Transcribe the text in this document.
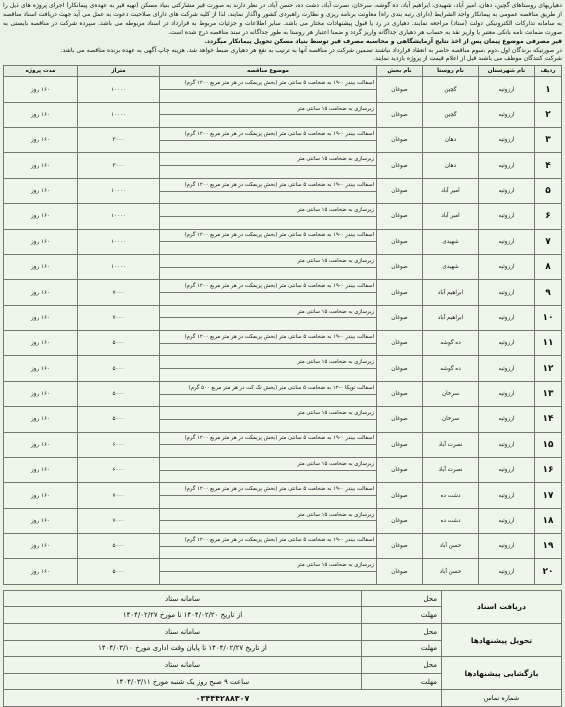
دهیاریهای روستاهای گچین، دهان، امیر آباد، شهیدی، ابراهیم آباد، ده گوشه، سرخان، نصرت آباد، دشت ده، حسن آباد، در نظر دارند به صورت قیر مشارکتی بنیاد مسکن (تهیه قیر به عهده‌ی پیمانکار) اجرای پروژه های ذیل را از طریق مناقصه عمومی به پیمانکار واجد الشرایط (دارای رتبه بندی راه) معاونت برنامه ریزی و نظارت راهبردی کشور واگذار نمایند. لذا از کلیه شرکت های دارای صلاحیت دعوت به عمل می آید جهت دریافت اسناد مناقصه به سامانه تدارکات الکترونیکی دولت (ستاد) مراجعه نمایند. دهیاری در رد یا قبول پیشنهادات مختار می باشد. سایر اطلاعات و جزئیات مربوط به قرارداد در اسناد مربوطه می باشد. سپرده شرکت در مناقصه بایستی به صورت ضمانت نامه بانکی معتبر یا واریز نقد به حساب هر دهیاری جداگانه واریز گردد و ضمنا اعتبار هر روستا به طور جداگانه در سند مناقصه درج شده است.
قیر مصرفی موضوع پیمان پس از اخذ نتایج آزمایشگاهی و محاسبه مصرف قیر توسط بنیاد مسکن تحویل پیمانکار میگردد.
در صورتیکه برندگان اول ،دوم ،سوم مناقصه حاضر به انعقاد قرارداد نباشند تضمین شرکت در مناقصه آنها به ترتیب به نفع هر دهیاری ضبط خواهد شد. هزینه چاپ آگهی به عهده برنده مناقصه می باشد.
شرکت کنندگان موظف می باشند قبل از اعلام قیمت از پروژه بازدید نمایند.
ردیف	نام شهرستان	نام روستا	نام بخش	موضوع مناقصه	متراژ	مدت پروژه
۱	ارزوئیه	گچین	صوغان	اسفالت بیندر ۰-۱۹ به ضخامت ۵ سانتی متر (بخش پریمکت در هر متر مربع ۱۲۰۰ گرم)	۱۰۰۰۰	۱۶۰ روز

۲	ارزوئیه	گچین	صوغان	زیرسازی به ضخامت ۱۵ سانتی متر	۱۰۰۰۰	۱۶۰ روز

۳	ارزوئیه	دهان	صوغان	اسفالت بیندر ۰-۱۹ به ضخامت ۵ سانتی متر (بخش پریمکت در هر متر مربع ۱۲۰۰ گرم)	۳۰۰۰	۱۶۰ روز

۴	ارزوئیه	دهان	صوغان	زیرسازی به ضخامت ۱۵ سانتی متر	۳۰۰۰	۱۶۰ روز

۵	ارزوئیه	امیر آباد	صوغان	اسفالت بیندر ۰-۱۹ به ضخامت ۵ سانتی متر (بخش پریمکت در هر متر مربع ۱۲۰۰ گرم)	۱۰۰۰۰	۱۶۰ روز

۶	ارزوئیه	امیر آباد	صوغان	زیرسازی به ضخامت ۱۵ سانتی متر	۱۰۰۰۰	۱۶۰ روز

۷	ارزوئیه	شهیدی	صوغان	اسفالت بیندر ۰-۱۹ به ضخامت ۵ سانتی متر (بخش پریمکت در هر متر مربع ۱۲۰۰ گرم)	۱۰۰۰۰	۱۶۰ روز

۸	ارزوئیه	شهیدی	صوغان	زیرسازی به ضخامت ۱۵ سانتی متر	۱۰۰۰۰	۱۶۰ روز

۹	ارزوئیه	ابراهیم آباد	صوغان	اسفالت بیندر ۰-۱۹ به ضخامت ۵ سانتی متر (بخش پریمکت در هر متر مربع ۱۲۰۰ گرم)	۷۰۰۰	۱۶۰ روز

۱۰	ارزوئیه	ابراهیم آباد	صوغان	زیرسازی به ضخامت ۱۵ سانتی متر	۷۰۰۰	۱۶۰ روز

۱۱	ارزوئیه	ده گوشه	صوغان	اسفالت بیندر ۰-۱۹ به ضخامت ۵ سانتی متر (بخش پریمکت در هر متر مربع ۱۲۰۰ گرم)	۵۰۰۰	۱۶۰ روز

۱۲	ارزوئیه	ده گوشه	صوغان	زیرسازی به ضخامت ۱۵ سانتی متر	۵۰۰۰	۱۶۰ روز

۱۳	ارزوئیه	سرخان	صوغان	اسفالت توپکا ۰-۱۲ به ضخامت ۵ سانتی متر (بخش تک کت در هر متر مربع ۵۰۰ گرم)	۵۰۰۰	۱۶۰ روز

۱۴	ارزوئیه	سرخان	صوغان	زیرسازی به ضخامت ۱۵ سانتی متر	۵۰۰۰	۱۶۰ روز

۱۵	ارزوئیه	نصرت آباد	صوغان	اسفالت بیندر ۰-۱۹ به ضخامت ۵ سانتی متر (بخش پریمکت در هر متر مربع ۱۲۰۰ گرم)	۶۰۰۰	۱۶۰ روز

۱۶	ارزوئیه	نصرت آباد	صوغان	زیرسازی به ضخامت ۱۵ سانتی متر	۶۰۰۰	۱۶۰ روز

۱۷	ارزوئیه	دشت ده	صوغان	اسفالت بیندر ۰-۱۹ به ضخامت ۵ سانتی متر (بخش پریمکت در هر متر مربع ۱۲۰۰ گرم)	۷۰۰۰	۱۶۰ روز

۱۸	ارزوئیه	دشت ده	صوغان	زیرسازی به ضخامت ۱۵ سانتی متر	۷۰۰۰	۱۶۰ روز

۱۹	ارزوئیه	حسن آباد	صوغان	اسفالت بیندر ۰-۱۹ به ضخامت ۵ سانتی متر (بخش پریمکت در هر متر مربع ۱۲۰۰ گرم)	۵۰۰۰	۱۶۰ روز

۲۰	ارزوئیه	حسن آباد	صوغان	زیرسازی به ضخامت ۱۵ سانتی متر	۵۰۰۰	۱۶۰ روز

دریافت اسناد	محل	سامانه ستاد
	مهلت	از تاریخ ۱۴۰۴/۰۲/۲۰ تا مورخ ۱۴۰۴/۰۲/۲۷
تحویل پیشنهادها	محل	سامانه ستاد
	مهلت	از تاریخ ۱۴۰۴/۰۲/۲۷ تا پایان وقت اداری مورخ ۱۴۰۴/۰۳/۱۰
بازگشایی پیشنهادها	محل	سامانه ستاد
	مهلت	ساعت ۹ صبح روز یک شنبه مورخ ۱۴۰۴/۰۳/۱۱
شماره تماس	۰۳۴۴۴۲۸۸۳۰۷	
